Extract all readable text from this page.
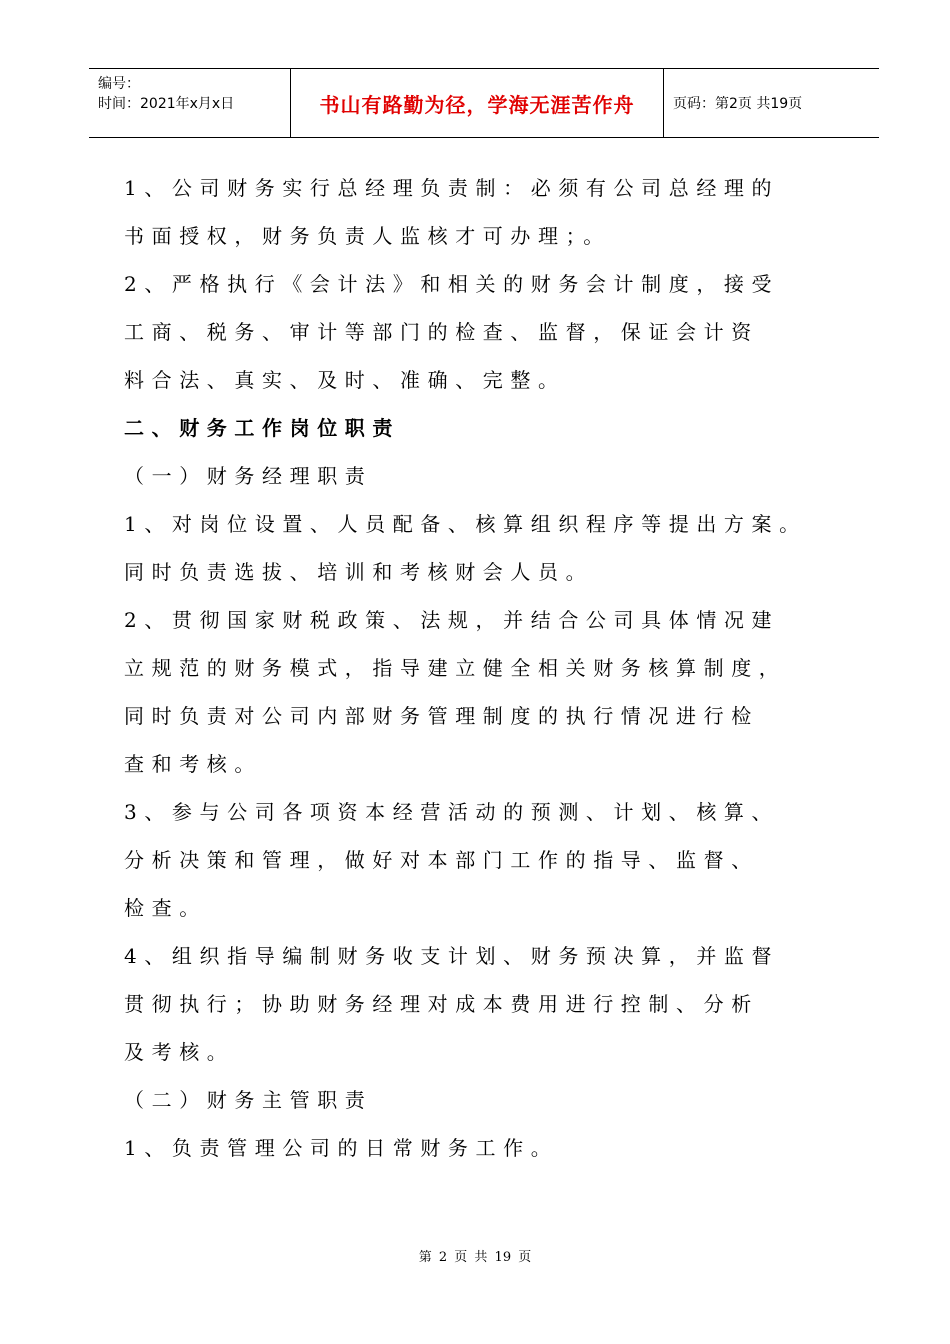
编号：
时间：2021年x月x日	书山有路勤为径，学海无涯苦作舟	页码：第2页 共19页
1、公司财务实行总经理负责制：必须有公司总经理的
书面授权，财务负责人监核才可办理；。
2、严格执行《会计法》和相关的财务会计制度，接受
工商、税务、审计等部门的检查、监督，保证会计资
料合法、真实、及时、准确、完整。
二、财务工作岗位职责
（一）财务经理职责
1、对岗位设置、人员配备、核算组织程序等提出方案。
同时负责选拔、培训和考核财会人员。
2、贯彻国家财税政策、法规，并结合公司具体情况建
立规范的财务模式，指导建立健全相关财务核算制度，
同时负责对公司内部财务管理制度的执行情况进行检
查和考核。
3、参与公司各项资本经营活动的预测、计划、核算、
分析决策和管理，做好对本部门工作的指导、监督、
检查。
4、组织指导编制财务收支计划、财务预决算，并监督
贯彻执行；协助财务经理对成本费用进行控制、分析
及考核。
（二）财务主管职责
1、负责管理公司的日常财务工作。
第 2 页 共 19 页
